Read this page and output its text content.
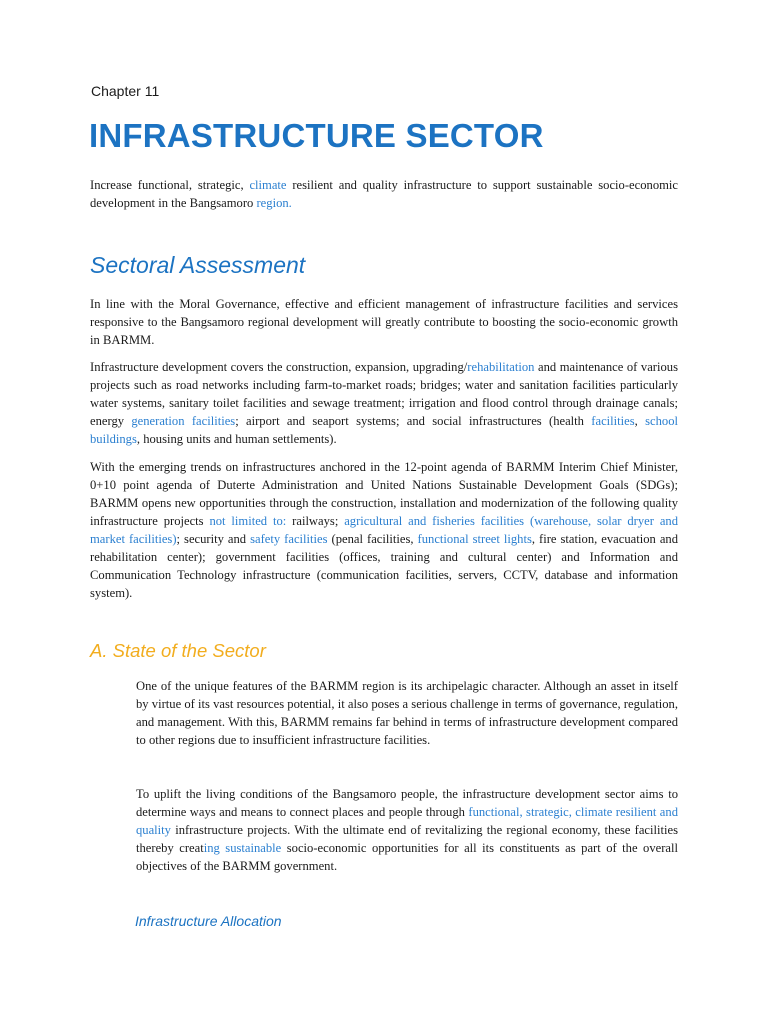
Chapter 11

INFRASTRUCTURE SECTOR

Increase functional, strategic, climate resilient and quality infrastructure to support sustainable socio-economic development in the Bangsamoro region.

Sectoral Assessment

In line with the Moral Governance, effective and efficient management of infrastructure facilities and services responsive to the Bangsamoro regional development will greatly contribute to boosting the socio-economic growth in BARMM.

Infrastructure development covers the construction, expansion, upgrading/rehabilitation and maintenance of various projects such as road networks including farm-to-market roads; bridges; water and sanitation facilities particularly water systems, sanitary toilet facilities and sewage treatment; irrigation and flood control through drainage canals; energy generation facilities; airport and seaport systems; and social infrastructures (health facilities, school buildings, housing units and human settlements).

With the emerging trends on infrastructures anchored in the 12-point agenda of BARMM Interim Chief Minister, 0+10 point agenda of Duterte Administration and United Nations Sustainable Development Goals (SDGs); BARMM opens new opportunities through the construction, installation and modernization of the following quality infrastructure projects not limited to: railways; agricultural and fisheries facilities (warehouse, solar dryer and market facilities); security and safety facilities (penal facilities, functional street lights, fire station, evacuation and rehabilitation center); government facilities (offices, training and cultural center) and Information and Communication Technology infrastructure (communication facilities, servers, CCTV, database and information system).

A. State of the Sector

One of the unique features of the BARMM region is its archipelagic character. Although an asset in itself by virtue of its vast resources potential, it also poses a serious challenge in terms of governance, regulation, and management. With this, BARMM remains far behind in terms of infrastructure development compared to other regions due to insufficient infrastructure facilities.

To uplift the living conditions of the Bangsamoro people, the infrastructure development sector aims to determine ways and means to connect places and people through functional, strategic, climate resilient and quality infrastructure projects. With the ultimate end of revitalizing the regional economy, these facilities thereby creating sustainable socio-economic opportunities for all its constituents as part of the overall objectives of the BARMM government.

Infrastructure Allocation
